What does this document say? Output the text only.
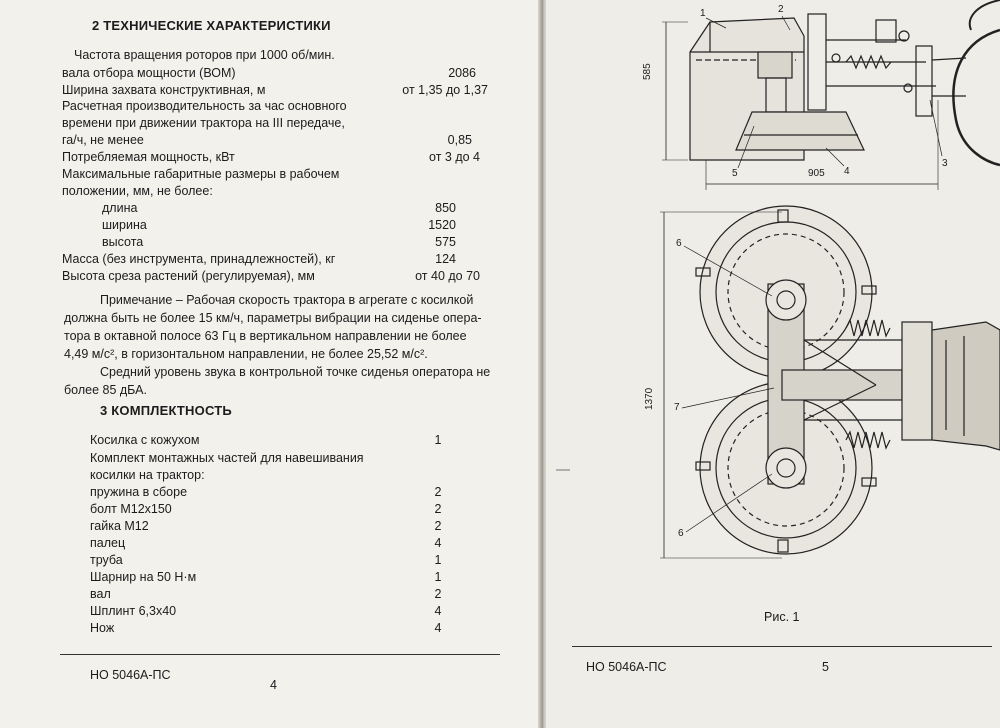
2 ТЕХНИЧЕСКИЕ ХАРАКТЕРИСТИКИ
Частота вращения роторов при 1000 об/мин.
вала отбора мощности (ВОМ)	2086
Ширина захвата конструктивная, м	от 1,35 до 1,37
Расчетная производительность за час основного
времени при движении трактора на III передаче,
га/ч, не менее	0,85
Потребляемая мощность, кВт	от 3 до 4
Максимальные габаритные размеры в рабочем
положении, мм, не более:
длина	850
ширина	1520
высота	575
Масса (без инструмента, принадлежностей), кг	124
Высота среза растений (регулируемая), мм	от 40 до 70
Примечание – Рабочая скорость трактора в агрегате с косилкой
должна быть не более 15 км/ч, параметры вибрации на сиденье опера-
тора в октавной полосе 63 Гц в вертикальном направлении не более
4,49 м/с², в горизонтальном направлении, не более 25,52 м/с².
Средний уровень звука в контрольной точке сиденья оператора не
более 85 дБА.
3 КОМПЛЕКТНОСТЬ
Косилка с кожухом	1
Комплект монтажных частей для навешивания
косилки на трактор:
пружина в сборе	2
болт М12х150	2
гайка М12	2
палец	4
труба	1
Шарнир на 50 Н·м	1
вал	2
Шплинт 6,3х40	4
Нож	4
НО 5046А-ПС
4
585
905
1370
1	2
3
4
5
6
7
6
Рис. 1
НО 5046А-ПС	5
